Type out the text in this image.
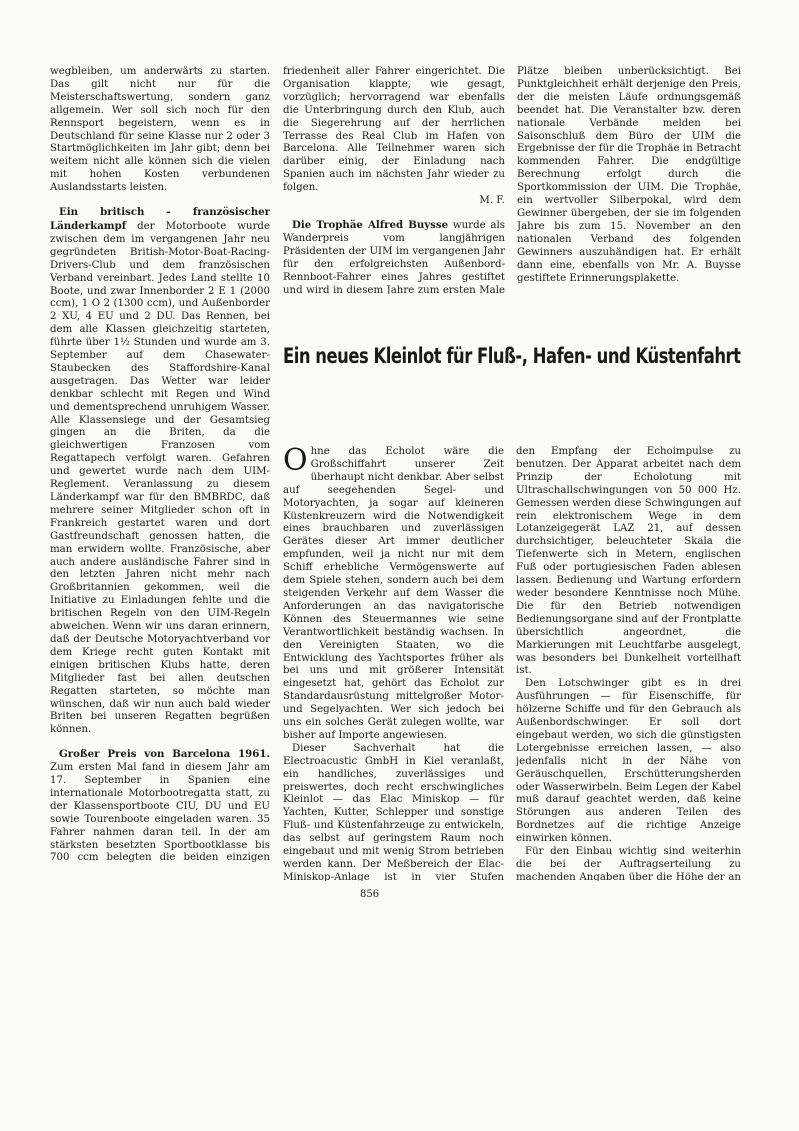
wegbleiben, um anderwärts zu starten. Das gilt nicht nur für die Meisterschaftswertung, sondern ganz allgemein. Wer soll sich noch für den Rennsport begeistern, wenn es in Deutschland für seine Klasse nur 2 oder 3 Startmöglichkeiten im Jahr gibt; denn bei weitem nicht alle können sich die vielen mit hohen Kosten verbundenen Auslandsstarts leisten.

Ein britisch - französischer Länderkampf der Motorboote wurde zwischen dem im vergangenen Jahr neu gegründeten British-Motor-Boat-Racing-Drivers-Club und dem französischen Verband vereinbart. Jedes Land stellte 10 Boote, und zwar Innenborder 2 E 1 (2000 ccm), 1 O 2 (1300 ccm), und Außenborder 2 XU, 4 EU und 2 DU. Das Rennen, bei dem alle Klassen gleichzeitig starteten, führte über 1½ Stunden und wurde am 3. September auf dem Chasewater-Staubecken des Staffordshire-Kanal ausgetragen. Das Wetter war leider denkbar schlecht mit Regen und Wind und dementsprechend unruhigem Wasser. Alle Klassensiege und der Gesamtsieg gingen an die Briten, da die gleichwertigen Franzosen vom Regattapech verfolgt waren. Gefahren und gewertet wurde nach dem UIM-Reglement. Veranlassung zu diesem Länderkampf war für den BMBRDC, daß mehrere seiner Mitglieder schon oft in Frankreich gestartet waren und dort Gastfreundschaft genossen hatten, die man erwidern wollte. Französische, aber auch andere ausländische Fahrer sind in den letzten Jahren nicht mehr nach Großbritannien gekommen, weil die Initiative zu Einladungen fehlte und die britischen Regeln von den UIM-Regeln abweichen. Wenn wir uns daran erinnern, daß der Deutsche Motoryachtverband vor dem Kriege recht guten Kontakt mit einigen britischen Klubs hatte, deren Mitglieder fast bei allen deutschen Regatten starteten, so möchte man wünschen, daß wir nun auch bald wieder Briten bei unseren Regatten begrüßen können.

Großer Preis von Barcelona 1961. Zum ersten Mal fand in diesem Jahr am 17. September in Spanien eine internationale Motorbootregatta statt, zu der Klassensportboote CIU, DU und EU sowie Tourenboote eingeladen waren. 35 Fahrer nahmen daran teil. In der am stärksten besetzten Sportbootklasse bis 700 ccm belegten die beiden einzigen

friedenheit aller Fahrer eingerichtet. Die Organisation klappte, wie gesagt, vorzüglich; hervorragend war ebenfalls die Unterbringung durch den Klub, auch die Siegerehrung auf der herrlichen Terrasse des Real Club im Hafen von Barcelona. Alle Teilnehmer waren sich darüber einig, der Einladung nach Spanien auch im nächsten Jahr wieder zu folgen.

M. F.

Die Trophäe Alfred Buysse wurde als Wanderpreis vom langjährigen Präsidenten der UIM im vergangenen Jahr für den erfolgreichsten Außenbord-Rennboot-Fahrer eines Jahres gestiftet und wird in diesem Jahre zum ersten Male

Plätze bleiben unberücksichtigt. Bei Punktgleichheit erhält derjenige den Preis, der die meisten Läufe ordnungsgemäß beendet hat. Die Veranstalter bzw. deren nationale Verbände melden bei Saisonschluß dem Büro der UIM die Ergebnisse der für die Trophäe in Betracht kommenden Fahrer. Die endgültige Berechnung erfolgt durch die Sportkommission der UIM. Die Trophäe, ein wertvoller Silberpokal, wird dem Gewinner übergeben, der sie im folgenden Jahre bis zum 15. November an den nationalen Verband des folgenden Gewinners auszuhändigen hat. Er erhält dann eine, ebenfalls von Mr. A. Buysse gestiftete Erinnerungsplakette.

Ein neues Kleinlot für Fluß-, Hafen- und Küstenfahrt

Ohne das Echolot wäre die Großschiffahrt unserer Zeit überhaupt nicht denkbar. Aber selbst auf seegehenden Segel- und Motoryachten, ja sogar auf kleineren Küstenkreuzern wird die Notwendigkeit eines brauchbaren und zuverlässigen Gerätes dieser Art immer deutlicher empfunden, weil ja nicht nur mit dem Schiff erhebliche Vermögenswerte auf dem Spiele stehen, sondern auch bei dem steigenden Verkehr auf dem Wasser die Anforderungen an das navigatorische Können des Steuermannes wie seine Verantwortlichkeit beständig wachsen. In den Vereinigten Staaten, wo die Entwicklung des Yachtsportes früher als bei uns und mit größerer Intensität eingesetzt hat, gehört das Echolot zur Standardausrüstung mittelgroßer Motor- und Segelyachten. Wer sich jedoch bei uns ein solches Gerät zulegen wollte, war bisher auf Importe angewiesen.

Dieser Sachverhalt hat die Electroacustic GmbH in Kiel veranlaßt, ein handliches, zuverlässiges und preiswertes, doch recht erschwingliches Kleinlot — das Elac Miniskop — für Yachten, Kutter, Schlepper und sonstige Fluß- und Küstenfahrzeuge zu entwickeln, das selbst auf geringstem Raum noch eingebaut und mit wenig Strom betrieben werden kann. Der Meßbereich der Elac-Miniskop-Anlage ist in vier Stufen

den Empfang der Echoimpulse zu benutzen. Der Apparat arbeitet nach dem Prinzip der Echolotung mit Ultraschallschwingungen von 50 000 Hz. Gemessen werden diese Schwingungen auf rein elektronischem Wege in dem Lotanzeigegerät LAZ 21, auf dessen durchsichtiger, beleuchteter Skala die Tiefenwerte sich in Metern, englischen Fuß oder portugiesischen Faden ablesen lassen. Bedienung und Wartung erfordern weder besondere Kenntnisse noch Mühe. Die für den Betrieb notwendigen Bedienungsorgane sind auf der Frontplatte übersichtlich angeordnet, die Markierungen mit Leuchtfarbe ausgelegt, was besonders bei Dunkelheit vorteilhaft ist.

Den Lotschwinger gibt es in drei Ausführungen — für Eisenschiffe, für hölzerne Schiffe und für den Gebrauch als Außenbordschwinger. Er soll dort eingebaut werden, wo sich die günstigsten Lotergebnisse erreichen lassen, — also jedenfalls nicht in der Nähe von Geräuschquellen, Erschütterungsherden oder Wasserwirbeln. Beim Legen der Kabel muß darauf geachtet werden, daß keine Störungen aus anderen Teilen des Bordnetzes auf die richtige Anzeige einwirken können.

Für den Einbau wichtig sind weiterhin die bei der Auftragserteilung zu machenden Angaben über die Höhe der an

856
